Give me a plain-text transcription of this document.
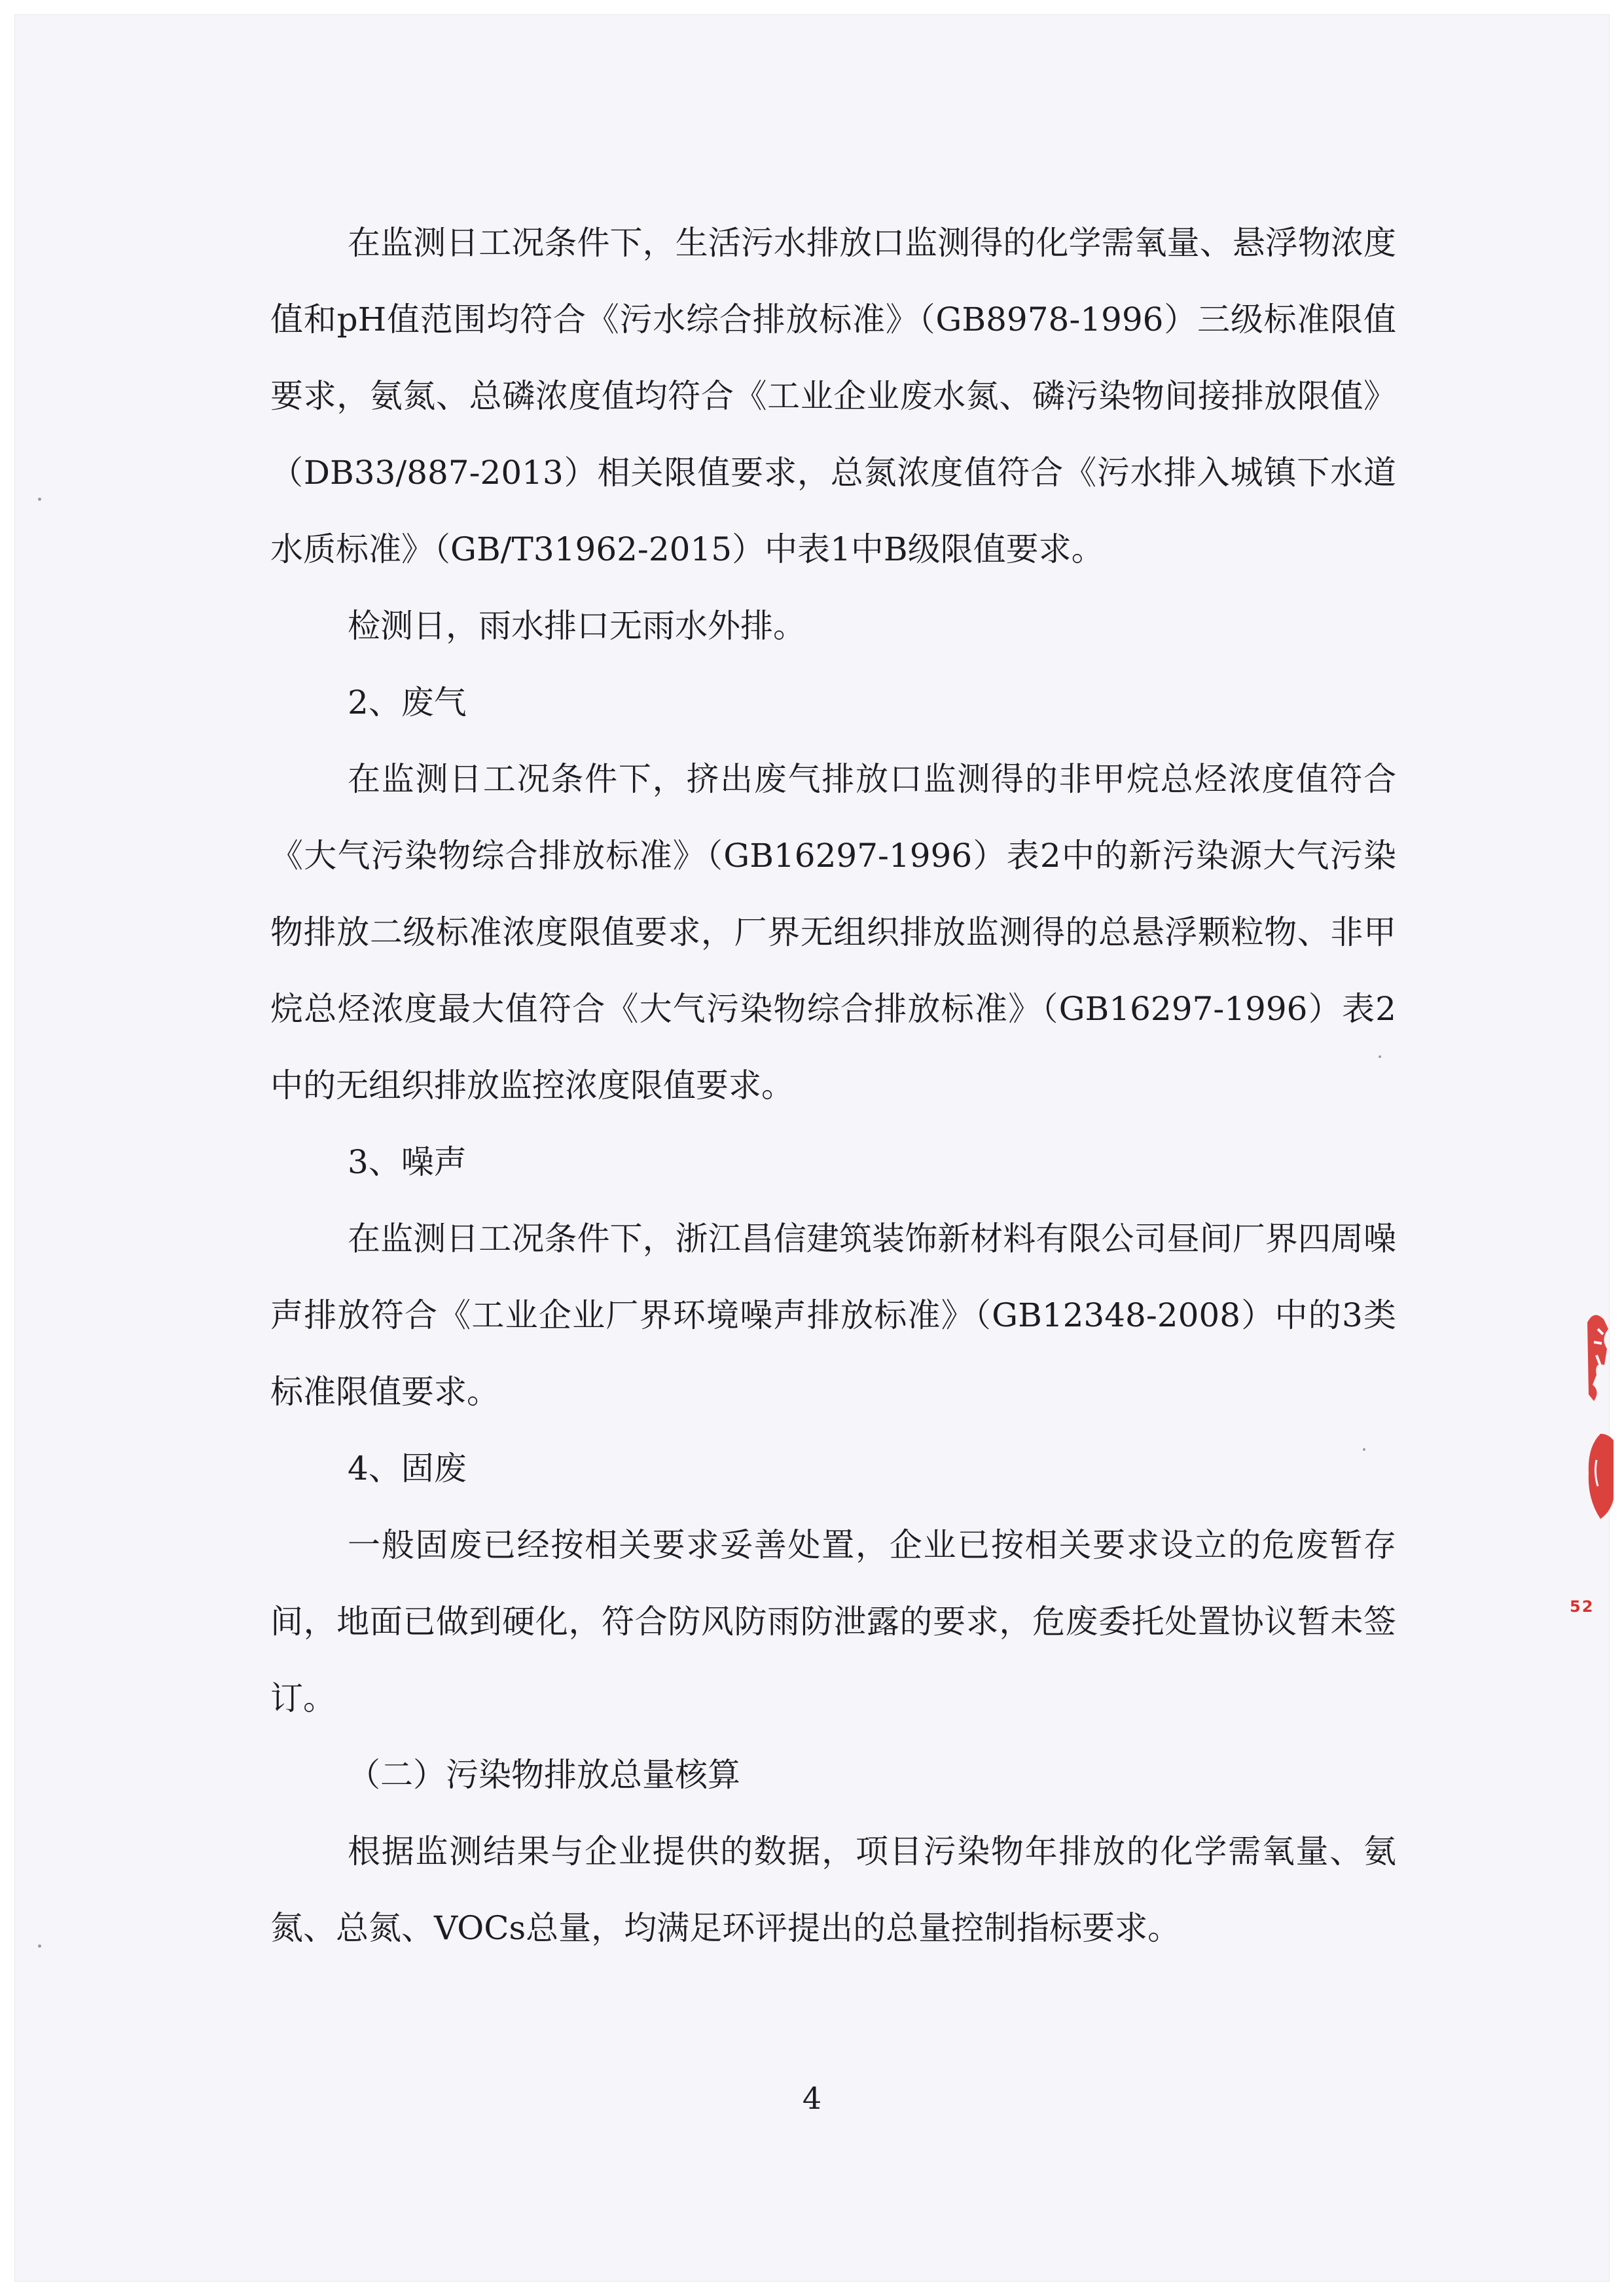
在监测日工况条件下，生活污水排放口监测得的化学需氧量、悬浮物浓度值和pH值范围均符合《污水综合排放标准》（GB8978-1996）三级标准限值要求，氨氮、总磷浓度值均符合《工业企业废水氮、磷污染物间接排放限值》（DB33/887-2013）相关限值要求，总氮浓度值符合《污水排入城镇下水道水质标准》（GB/T31962-2015）中表1中B级限值要求。

检测日，雨水排口无雨水外排。

2、废气

在监测日工况条件下，挤出废气排放口监测得的非甲烷总烃浓度值符合《大气污染物综合排放标准》（GB16297-1996）表2中的新污染源大气污染物排放二级标准浓度限值要求，厂界无组织排放监测得的总悬浮颗粒物、非甲烷总烃浓度最大值符合《大气污染物综合排放标准》（GB16297-1996）表2中的无组织排放监控浓度限值要求。

3、噪声

在监测日工况条件下，浙江昌信建筑装饰新材料有限公司昼间厂界四周噪声排放符合《工业企业厂界环境噪声排放标准》（GB12348-2008）中的3类标准限值要求。

4、固废

一般固废已经按相关要求妥善处置，企业已按相关要求设立的危废暂存间，地面已做到硬化，符合防风防雨防泄露的要求，危废委托处置协议暂未签订。

（二）污染物排放总量核算

根据监测结果与企业提供的数据，项目污染物年排放的化学需氧量、氨氮、总氮、VOCs总量，均满足环评提出的总量控制指标要求。

4
52
